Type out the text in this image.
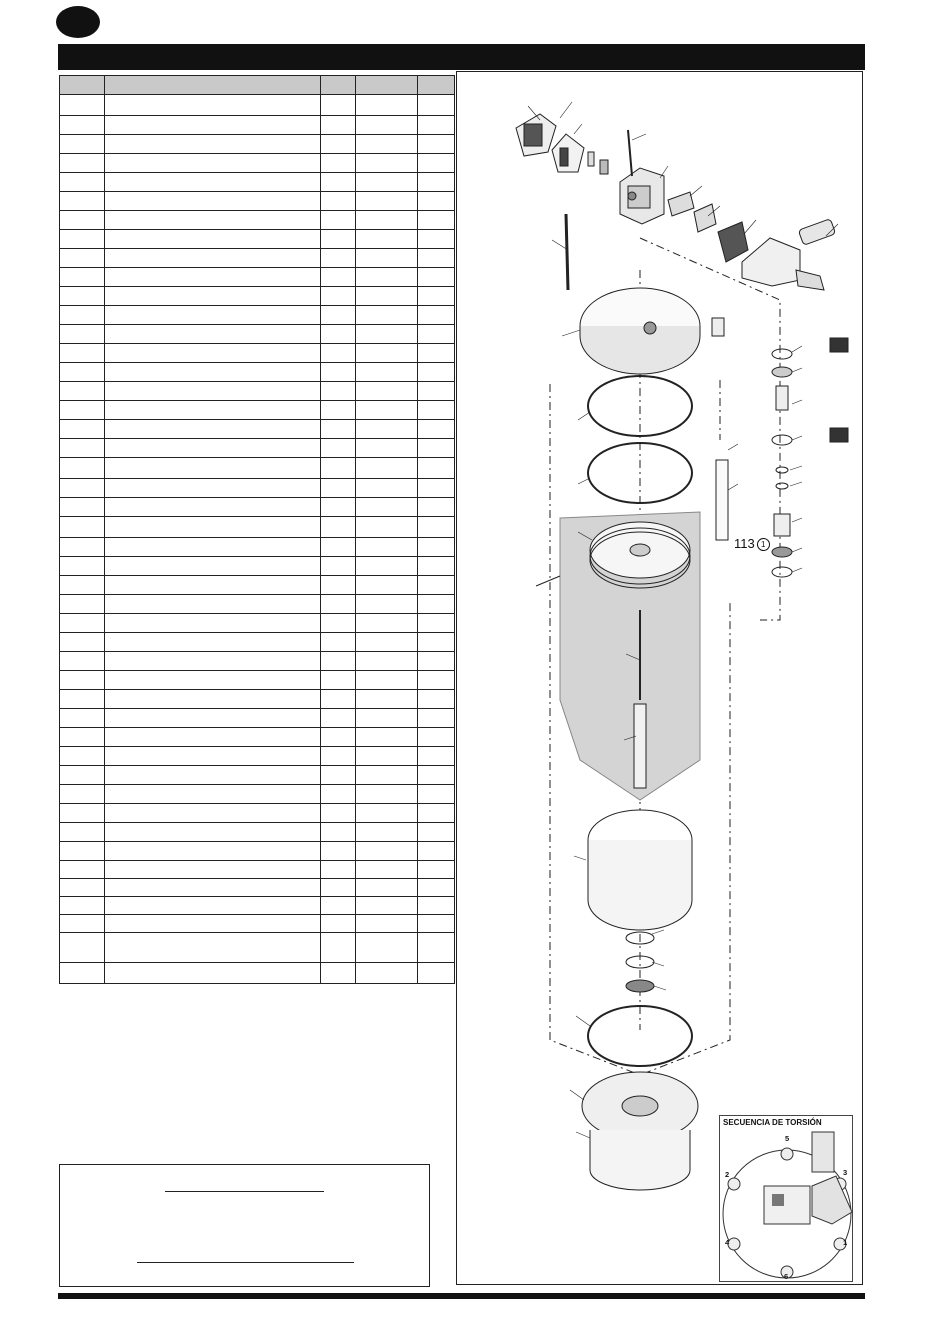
113 1
SECUENCIA DE TORSIÓN
5
2	3
4	1
6
